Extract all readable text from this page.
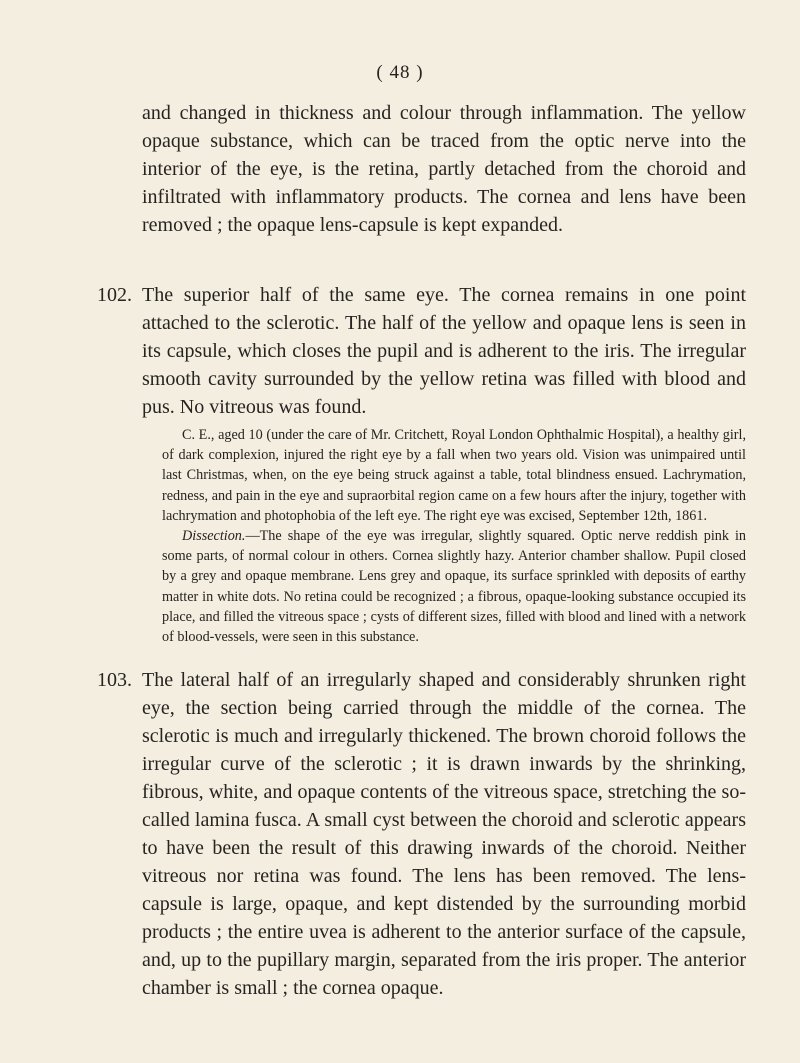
( 48 )

and changed in thickness and colour through inflammation. The yellow opaque substance, which can be traced from the optic nerve into the interior of the eye, is the retina, partly detached from the choroid and infiltrated with inflammatory products. The cornea and lens have been removed ; the opaque lens-capsule is kept expanded.

102. The superior half of the same eye. The cornea remains in one point attached to the sclerotic. The half of the yellow and opaque lens is seen in its capsule, which closes the pupil and is adherent to the iris. The irregular smooth cavity surrounded by the yellow retina was filled with blood and pus. No vitreous was found.

C. E., aged 10 (under the care of Mr. Critchett, Royal London Ophthalmic Hospital), a healthy girl, of dark complexion, injured the right eye by a fall when two years old. Vision was unimpaired until last Christmas, when, on the eye being struck against a table, total blindness ensued. Lachrymation, redness, and pain in the eye and supraorbital region came on a few hours after the injury, together with lachrymation and photophobia of the left eye. The right eye was excised, September 12th, 1861.

Dissection.—The shape of the eye was irregular, slightly squared. Optic nerve reddish pink in some parts, of normal colour in others. Cornea slightly hazy. Anterior chamber shallow. Pupil closed by a grey and opaque membrane. Lens grey and opaque, its surface sprinkled with deposits of earthy matter in white dots. No retina could be recognized ; a fibrous, opaque-looking substance occupied its place, and filled the vitreous space ; cysts of different sizes, filled with blood and lined with a network of blood-vessels, were seen in this substance.

103. The lateral half of an irregularly shaped and considerably shrunken right eye, the section being carried through the middle of the cornea. The sclerotic is much and irregularly thickened. The brown choroid follows the irregular curve of the sclerotic ; it is drawn inwards by the shrinking, fibrous, white, and opaque contents of the vitreous space, stretching the so-called lamina fusca. A small cyst between the choroid and sclerotic appears to have been the result of this drawing inwards of the choroid. Neither vitreous nor retina was found. The lens has been removed. The lens-capsule is large, opaque, and kept distended by the surrounding morbid products ; the entire uvea is adherent to the anterior surface of the capsule, and, up to the pupillary margin, separated from the iris proper. The anterior chamber is small ; the cornea opaque.
